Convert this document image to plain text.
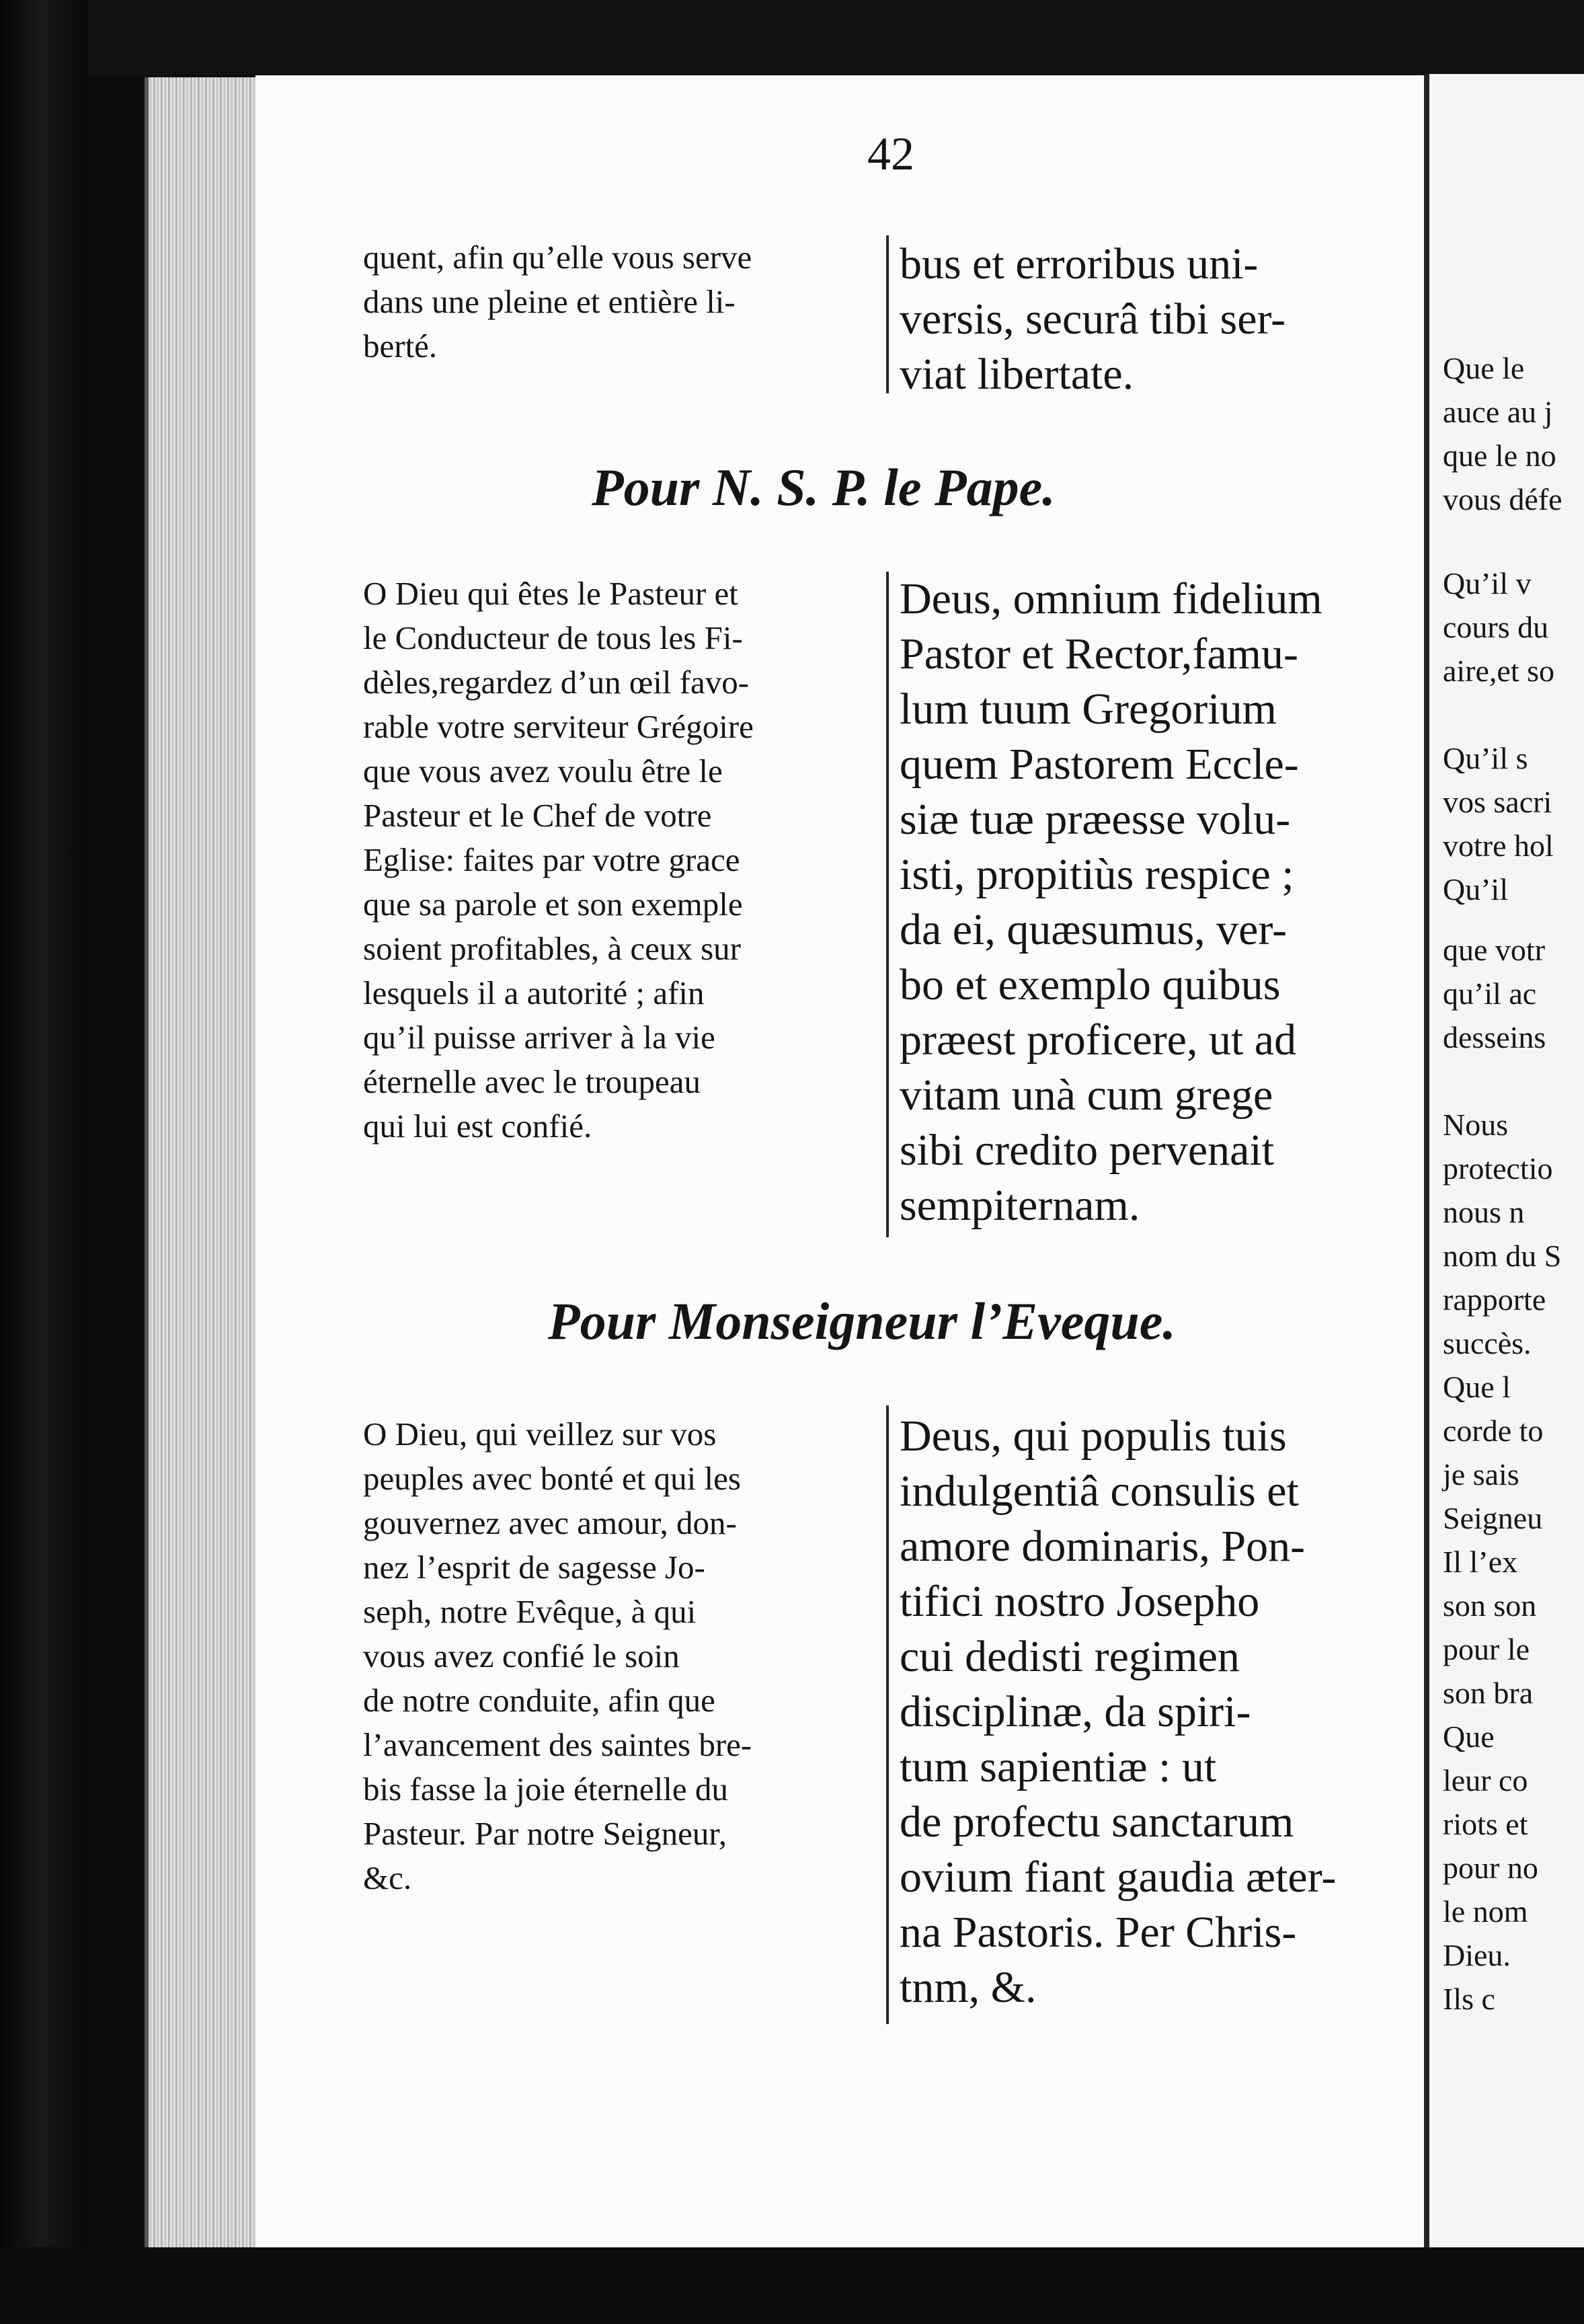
42
quent, afin qu’elle vous serve
dans une pleine et entière li-
berté.
bus et erroribus uni-
versis, securâ tibi ser-
viat libertate.
Pour N. S. P. le Pape.
O Dieu qui êtes le Pasteur et
le Conducteur de tous les Fi-
dèles,regardez d’un œil favo-
rable votre serviteur Grégoire
que vous avez voulu être le
Pasteur et le Chef de votre
Eglise: faites par votre grace
que sa parole et son exemple
soient profitables, à ceux sur
lesquels il a autorité ; afin
qu’il puisse arriver à la vie
éternelle avec le troupeau
qui lui est confié.
Deus, omnium fidelium
Pastor et Rector,famu-
lum tuum Gregorium
quem Pastorem Eccle-
siæ tuæ præesse volu-
isti, propitiùs respice ;
da ei, quæsumus, ver-
bo et exemplo quibus
præest proficere, ut ad
vitam unà cum grege
sibi credito pervenait
sempiternam.
Pour Monseigneur l’Eveque.
O Dieu, qui veillez sur vos
peuples avec bonté et qui les
gouvernez avec amour, don-
nez l’esprit de sagesse Jo-
seph, notre Evêque, à qui
vous avez confié le soin
de notre conduite, afin que
l’avancement des saintes bre-
bis fasse la joie éternelle du
Pasteur. Par notre Seigneur,
&c.
Deus, qui populis tuis
indulgentiâ consulis et
amore dominaris, Pon-
tifici nostro Josepho
cui dedisti regimen
disciplinæ, da spiri-
tum sapientiæ : ut
de profectu sanctarum
ovium fiant gaudia æter-
na Pastoris. Per Chris-
tnm, &.
Que le
auce au j
que le no
vous défe
Qu’il v
cours du
aire,et so
Qu’il s
vos sacri
votre hol
Qu’il
que votr
qu’il ac
desseins
Nous
protectio
nous n
nom du S
rapporte
succès.
Que l
corde to
je sais
Seigneu
Il l’ex
son son
pour le
son bra
Que
leur co
riots et
pour no
le nom
Dieu.
Ils c
